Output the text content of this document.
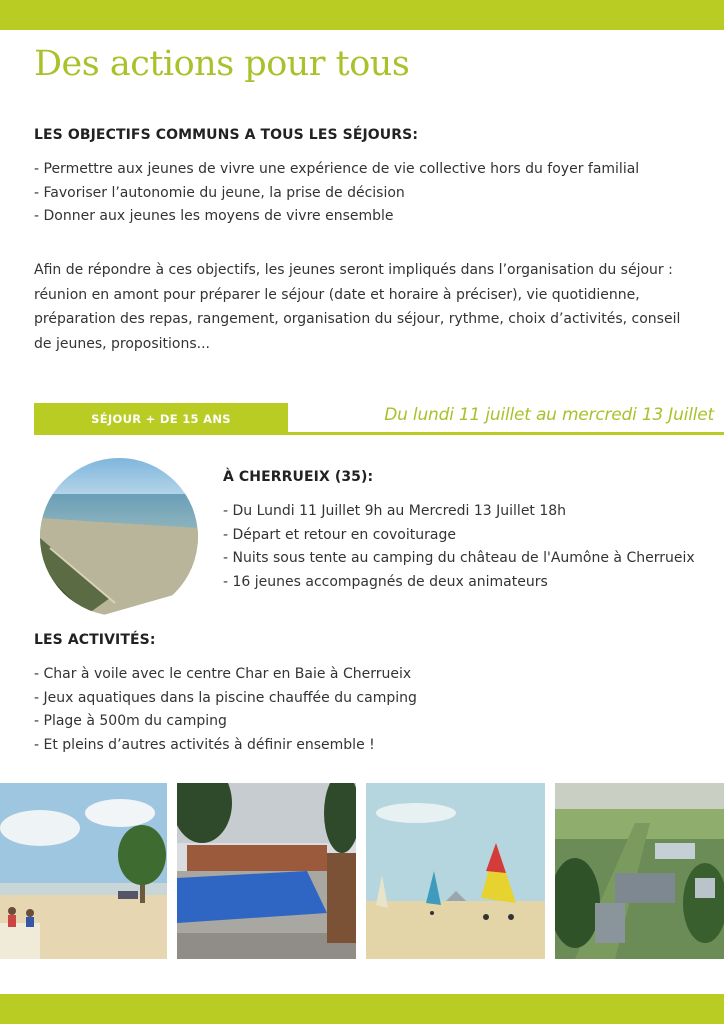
Des actions pour tous
LES OBJECTIFS COMMUNS A TOUS LES SÉJOURS:
- Permettre aux jeunes de vivre une expérience de vie collective hors du foyer familial
- Favoriser l’autonomie du jeune, la prise de décision
- Donner aux jeunes les moyens de vivre ensemble

Afin de répondre à ces objectifs, les jeunes seront impliqués dans l’organisation du séjour : réunion en amont pour préparer le séjour (date et horaire à préciser), vie quotidienne, préparation des repas, rangement, organisation du séjour, rythme, choix d’activités, conseil de jeunes, propositions...

SÉJOUR + DE 15 ANS	Du lundi 11 juillet au mercredi 13 Juillet
À CHERRUEIX (35):
- Du Lundi 11 Juillet 9h au Mercredi 13 Juillet 18h
- Départ et retour en covoiturage
- Nuits sous tente au camping du château de l'Aumône à Cherrueix
- 16 jeunes accompagnés de deux animateurs
LES ACTIVITÉS:
- Char à voile avec le centre Char en Baie à Cherrueix
- Jeux aquatiques dans la piscine chauffée du camping
- Plage à 500m du camping
- Et pleins d’autres activités à définir ensemble !
